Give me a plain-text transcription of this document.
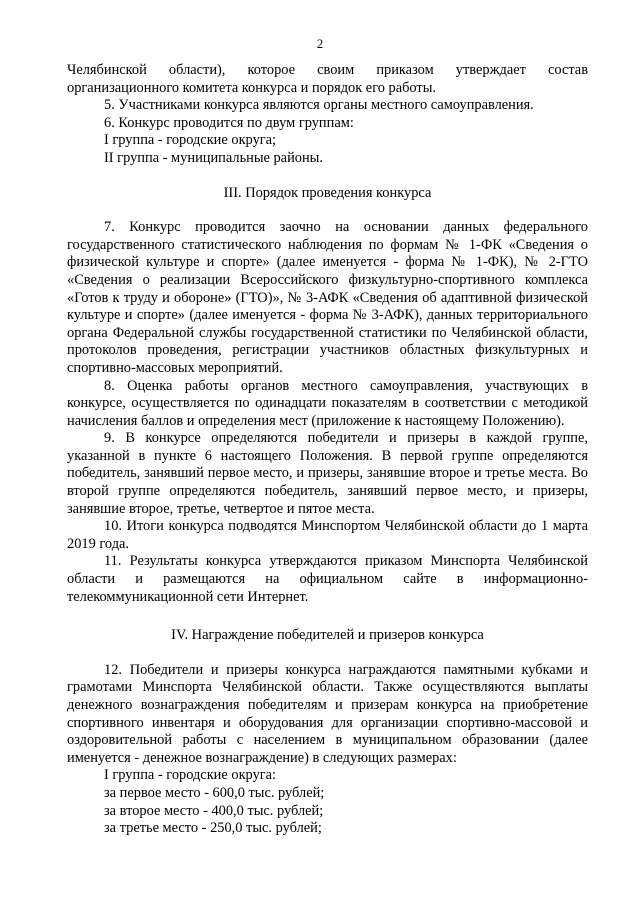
2

Челябинской области), которое своим приказом утверждает состав организационного комитета конкурса и порядок его работы.

5. Участниками конкурса являются органы местного самоуправления.

6. Конкурс проводится по двум группам:

I группа - городские округа;

II группа - муниципальные районы.

III. Порядок проведения конкурса

7. Конкурс проводится заочно на основании данных федерального государственного статистического наблюдения по формам № 1-ФК «Сведения о физической культуре и спорте» (далее именуется - форма № 1-ФК), № 2-ГТО «Сведения о реализации Всероссийского физкультурно-спортивного комплекса «Готов к труду и обороне» (ГТО)», № 3-АФК «Сведения об адаптивной физической культуре и спорте» (далее именуется - форма № 3-АФК), данных территориального органа Федеральной службы государственной статистики по Челябинской области, протоколов проведения, регистрации участников областных физкультурных и спортивно-массовых мероприятий.

8. Оценка работы органов местного самоуправления, участвующих в конкурсе, осуществляется по одинадцати показателям в соответствии с методикой начисления баллов и определения мест (приложение к настоящему Положению).

9. В конкурсе определяются победители и призеры в каждой группе, указанной в пункте 6 настоящего Положения. В первой группе определяются победитель, занявший первое место, и призеры, занявшие второе и третье места. Во второй группе определяются победитель, занявший первое место, и призеры, занявшие второе, третье, четвертое и пятое места.

10. Итоги конкурса подводятся Минспортом Челябинской области до 1 марта 2019 года.

11. Результаты конкурса утверждаются приказом Минспорта Челябинской области и размещаются на официальном сайте в информационно-телекоммуникационной сети Интернет.

IV. Награждение победителей и призеров конкурса

12. Победители и призеры конкурса награждаются памятными кубками и грамотами Минспорта Челябинской области. Также осуществляются выплаты денежного вознаграждения победителям и призерам конкурса на приобретение спортивного инвентаря и оборудования для организации спортивно-массовой и оздоровительной работы с населением в муниципальном образовании (далее именуется - денежное вознаграждение) в следующих размерах:

I группа - городские округа:

за первое место - 600,0 тыс. рублей;

за второе место - 400,0 тыс. рублей;

за третье место - 250,0 тыс. рублей;
